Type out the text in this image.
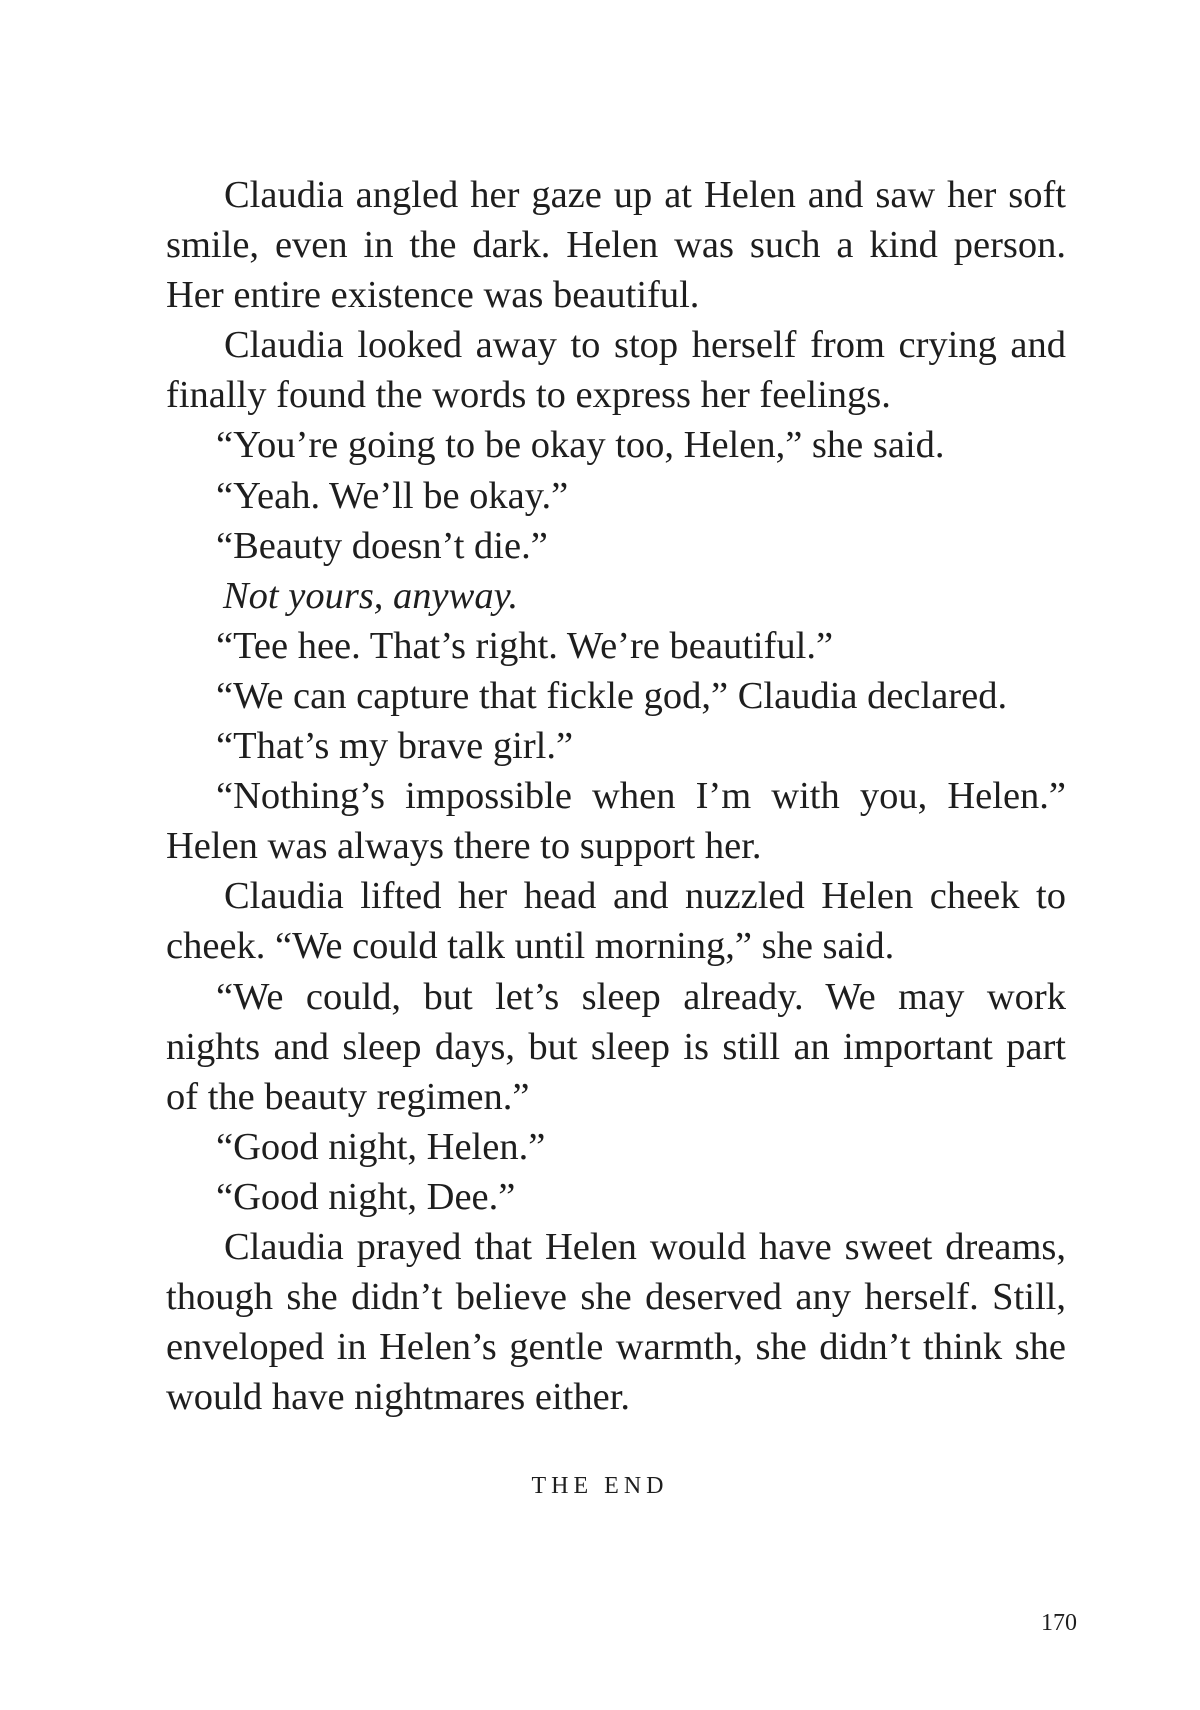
Claudia angled her gaze up at Helen and saw her soft smile, even in the dark. Helen was such a kind person. Her entire existence was beautiful.

Claudia looked away to stop herself from crying and finally found the words to express her feelings.

“You’re going to be okay too, Helen,” she said.

“Yeah. We’ll be okay.”

“Beauty doesn’t die.”

Not yours, anyway.

“Tee hee. That’s right. We’re beautiful.”

“We can capture that fickle god,” Claudia declared.

“That’s my brave girl.”

“Nothing’s impossible when I’m with you, Helen.” Helen was always there to support her.

Claudia lifted her head and nuzzled Helen cheek to cheek. “We could talk until morning,” she said.

“We could, but let’s sleep already. We may work nights and sleep days, but sleep is still an important part of the beauty regimen.”

“Good night, Helen.”

“Good night, Dee.”

Claudia prayed that Helen would have sweet dreams, though she didn’t believe she deserved any herself. Still, enveloped in Helen’s gentle warmth, she didn’t think she would have nightmares either.

THE END
170
